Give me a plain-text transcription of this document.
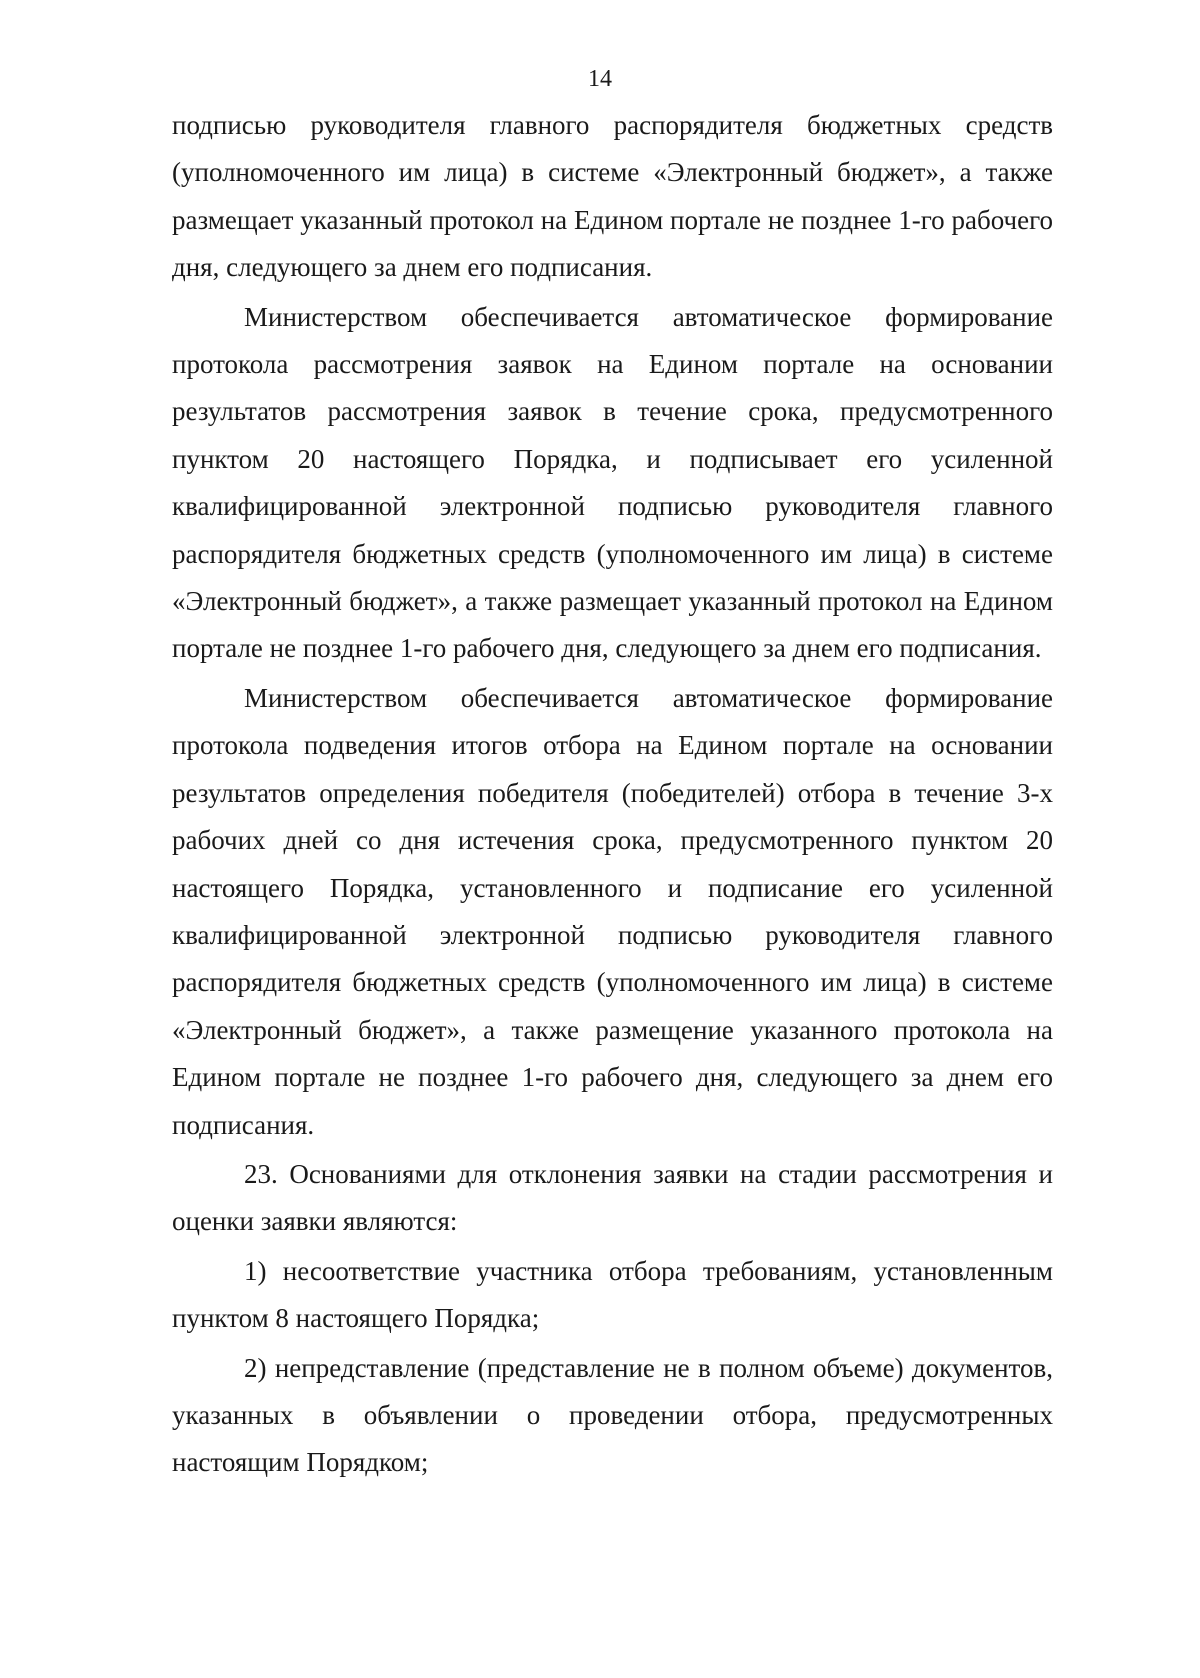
14

подписью руководителя главного распорядителя бюджетных средств (уполномоченного им лица) в системе «Электронный бюджет», а также размещает указанный протокол на Едином портале не позднее 1-го рабочего дня, следующего за днем его подписания.

Министерством обеспечивается автоматическое формирование протокола рассмотрения заявок на Едином портале на основании результатов рассмотрения заявок в течение срока, предусмотренного пунктом 20 настоящего Порядка, и подписывает его усиленной квалифицированной электронной подписью руководителя главного распорядителя бюджетных средств (уполномоченного им лица) в системе «Электронный бюджет», а также размещает указанный протокол на Едином портале не позднее 1-го рабочего дня, следующего за днем его подписания.

Министерством обеспечивается автоматическое формирование протокола подведения итогов отбора на Едином портале на основании результатов определения победителя (победителей) отбора в течение 3-х рабочих дней со дня истечения срока, предусмотренного пунктом 20 настоящего Порядка, установленного и подписание его усиленной квалифицированной электронной подписью руководителя главного распорядителя бюджетных средств (уполномоченного им лица) в системе «Электронный бюджет», а также размещение указанного протокола на Едином портале не позднее 1-го рабочего дня, следующего за днем его подписания.

23. Основаниями для отклонения заявки на стадии рассмотрения и оценки заявки являются:

1) несоответствие участника отбора требованиям, установленным пунктом 8 настоящего Порядка;

2) непредставление (представление не в полном объеме) документов, указанных в объявлении о проведении отбора, предусмотренных настоящим Порядком;
